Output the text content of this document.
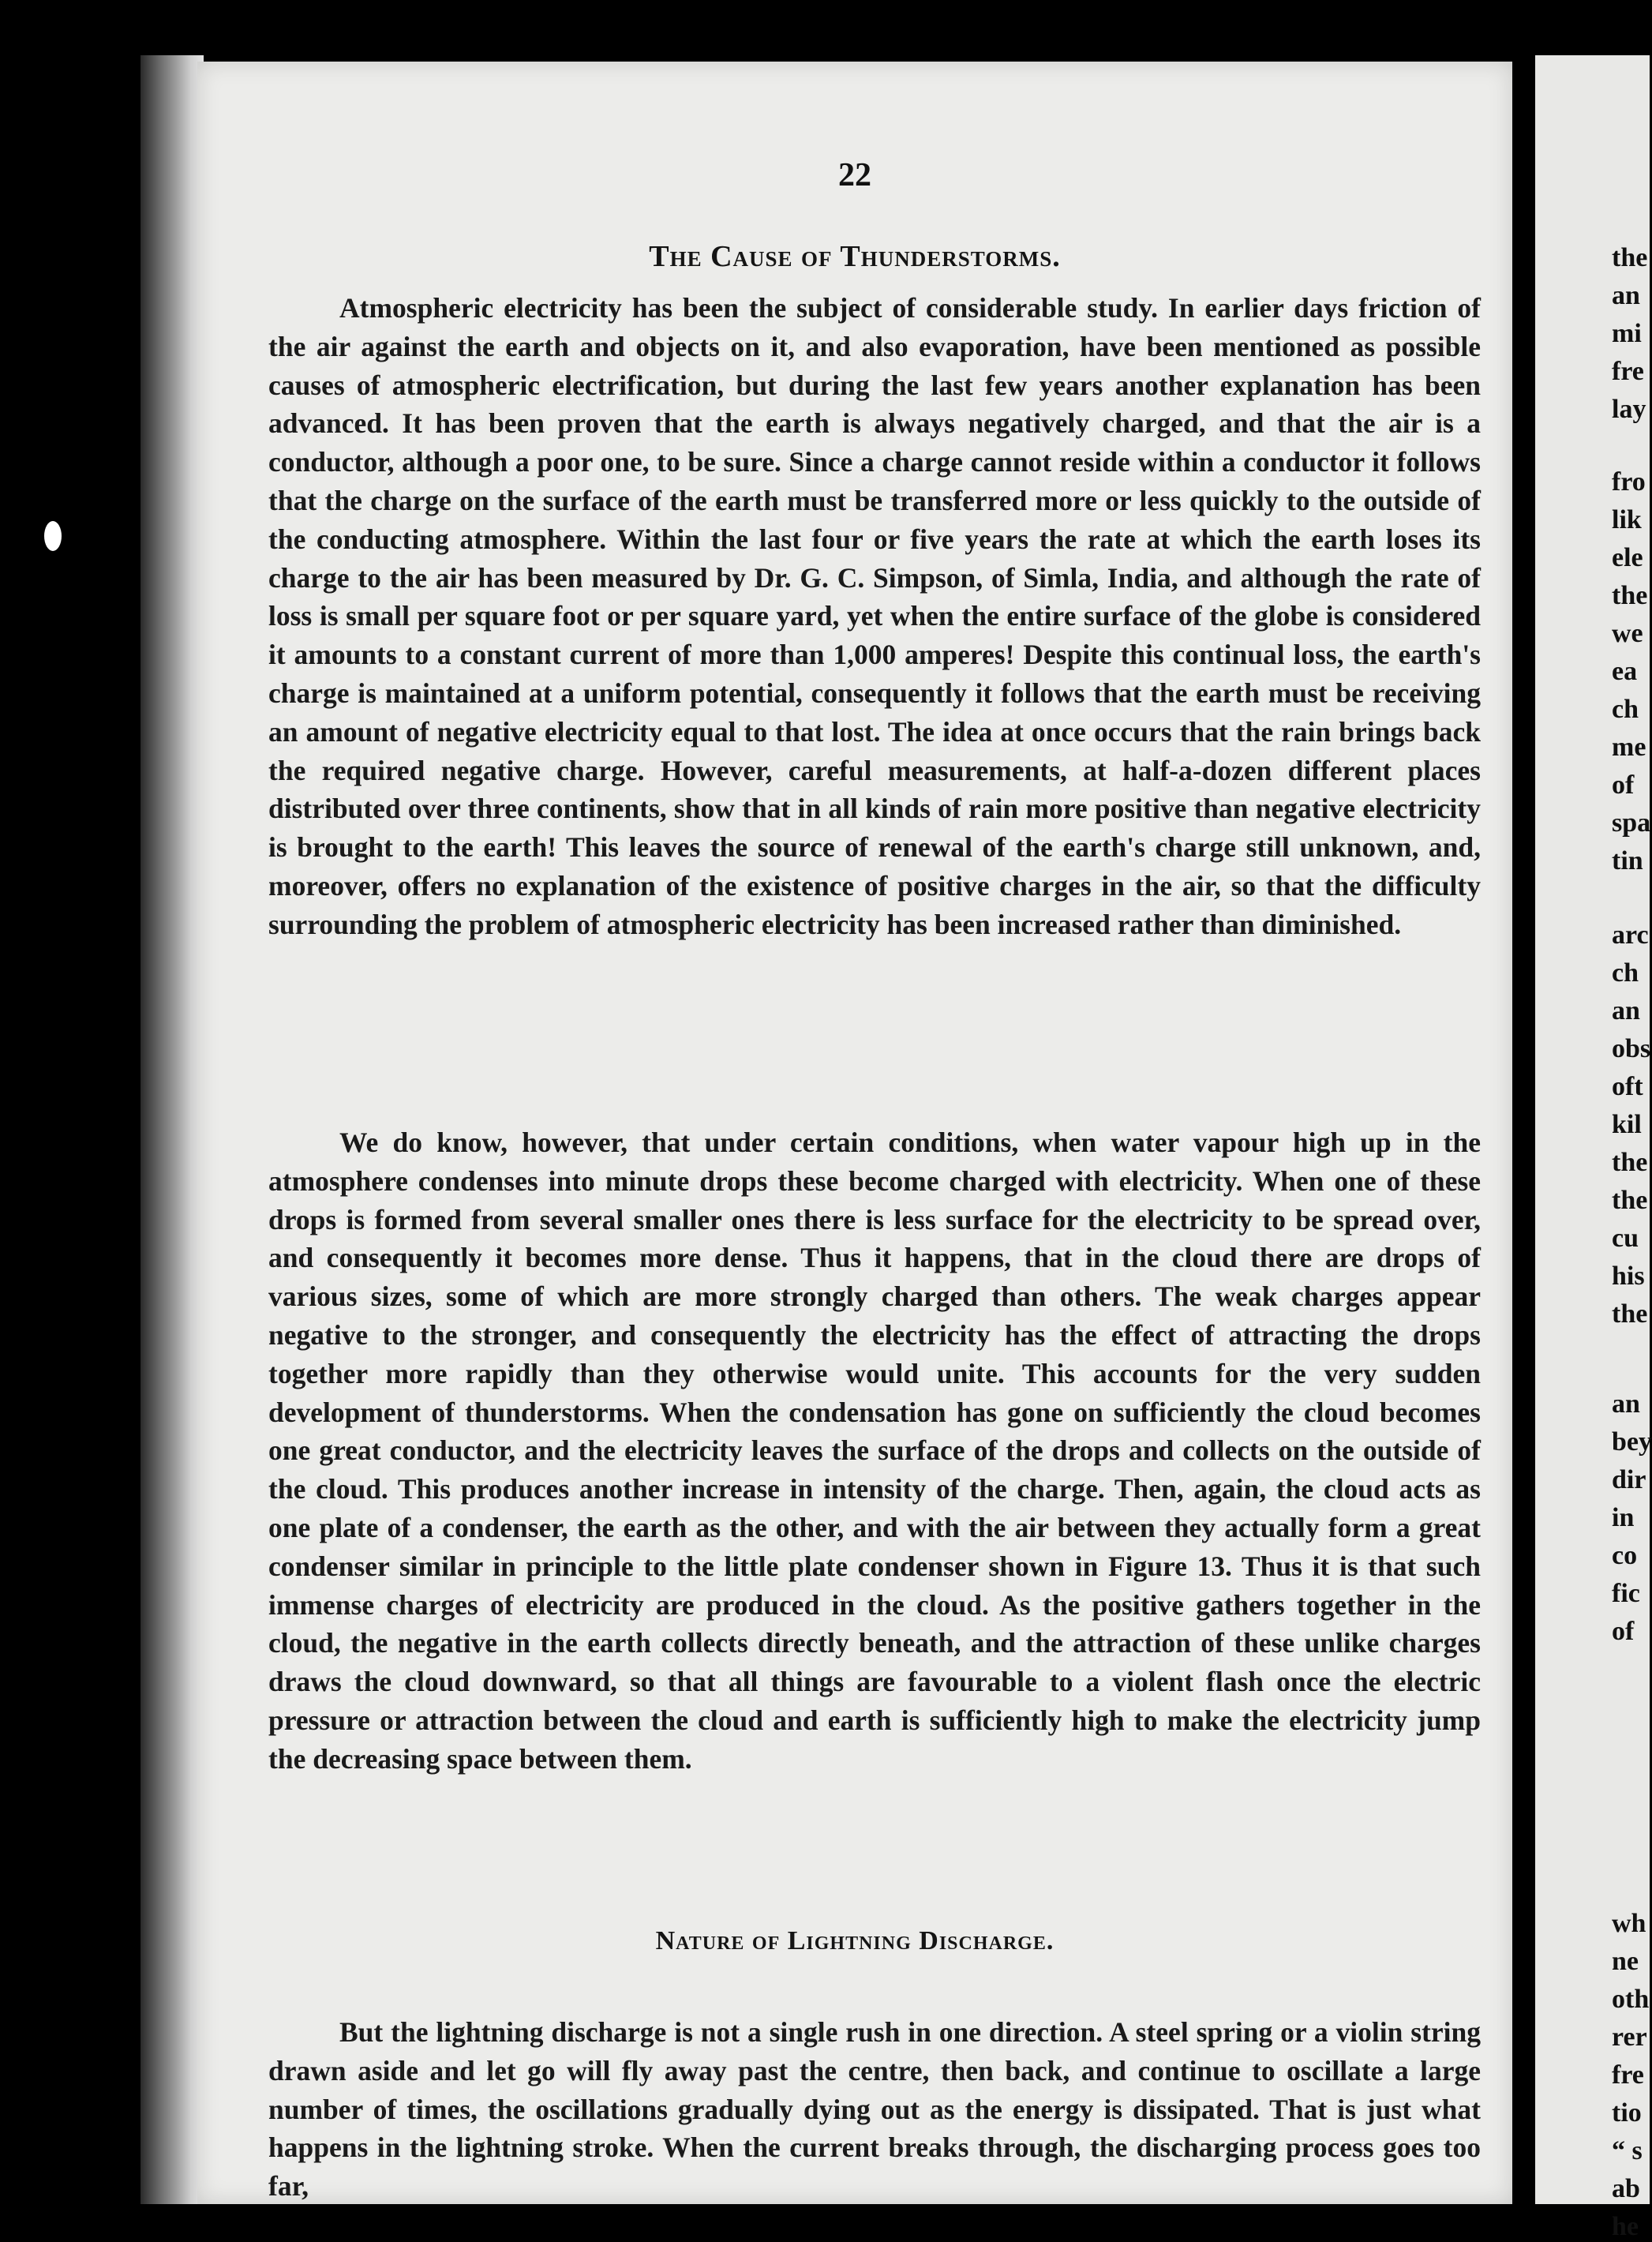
22
The Cause of Thunderstorms.

Atmospheric electricity has been the subject of considerable study. In earlier days friction of the air against the earth and objects on it, and also evaporation, have been mentioned as possible causes of atmospheric electrification, but during the last few years another explanation has been advanced. It has been proven that the earth is always negatively charged, and that the air is a conductor, although a poor one, to be sure. Since a charge cannot reside within a conductor it follows that the charge on the surface of the earth must be transferred more or less quickly to the outside of the conducting atmosphere. Within the last four or five years the rate at which the earth loses its charge to the air has been measured by Dr. G. C. Simpson, of Simla, India, and although the rate of loss is small per square foot or per square yard, yet when the entire surface of the globe is considered it amounts to a constant current of more than 1,000 amperes! Despite this continual loss, the earth's charge is maintained at a uniform potential, consequently it follows that the earth must be receiving an amount of negative electricity equal to that lost. The idea at once occurs that the rain brings back the required negative charge. However, careful measurements, at half-a-dozen different places distributed over three continents, show that in all kinds of rain more positive than negative electricity is brought to the earth! This leaves the source of renewal of the earth's charge still unknown, and, moreover, offers no explanation of the existence of positive charges in the air, so that the difficulty surrounding the problem of atmospheric electricity has been increased rather than diminished.

We do know, however, that under certain conditions, when water vapour high up in the atmosphere condenses into minute drops these become charged with electricity. When one of these drops is formed from several smaller ones there is less surface for the electricity to be spread over, and consequently it becomes more dense. Thus it happens, that in the cloud there are drops of various sizes, some of which are more strongly charged than others. The weak charges appear negative to the stronger, and consequently the electricity has the effect of attracting the drops together more rapidly than they otherwise would unite. This accounts for the very sudden development of thunderstorms. When the condensation has gone on sufficiently the cloud becomes one great conductor, and the electricity leaves the surface of the drops and collects on the outside of the cloud. This produces another increase in intensity of the charge. Then, again, the cloud acts as one plate of a condenser, the earth as the other, and with the air between they actually form a great condenser similar in principle to the little plate condenser shown in Figure 13. Thus it is that such immense charges of electricity are produced in the cloud. As the positive gathers together in the cloud, the negative in the earth collects directly beneath, and the attraction of these unlike charges draws the cloud downward, so that all things are favourable to a violent flash once the electric pressure or attraction between the cloud and earth is sufficiently high to make the electricity jump the decreasing space between them.

Nature of Lightning Discharge.

But the lightning discharge is not a single rush in one direction. A steel spring or a violin string drawn aside and let go will fly away past the centre, then back, and continue to oscillate a large number of times, the oscillations gradually dying out as the energy is dissipated. That is just what happens in the lightning stroke. When the current breaks through, the discharging process goes too far,

the
an
mi
fre
lay
fro
lik
ele
the
we
ea
ch
me
of
spa
tin
arc
ch
an
obs
oft
kil
the
the
cu
his
the
an
bey
dir
in
co
fic
of
wh
ne
oth
rer
fre
tio
“ s
ab
he
